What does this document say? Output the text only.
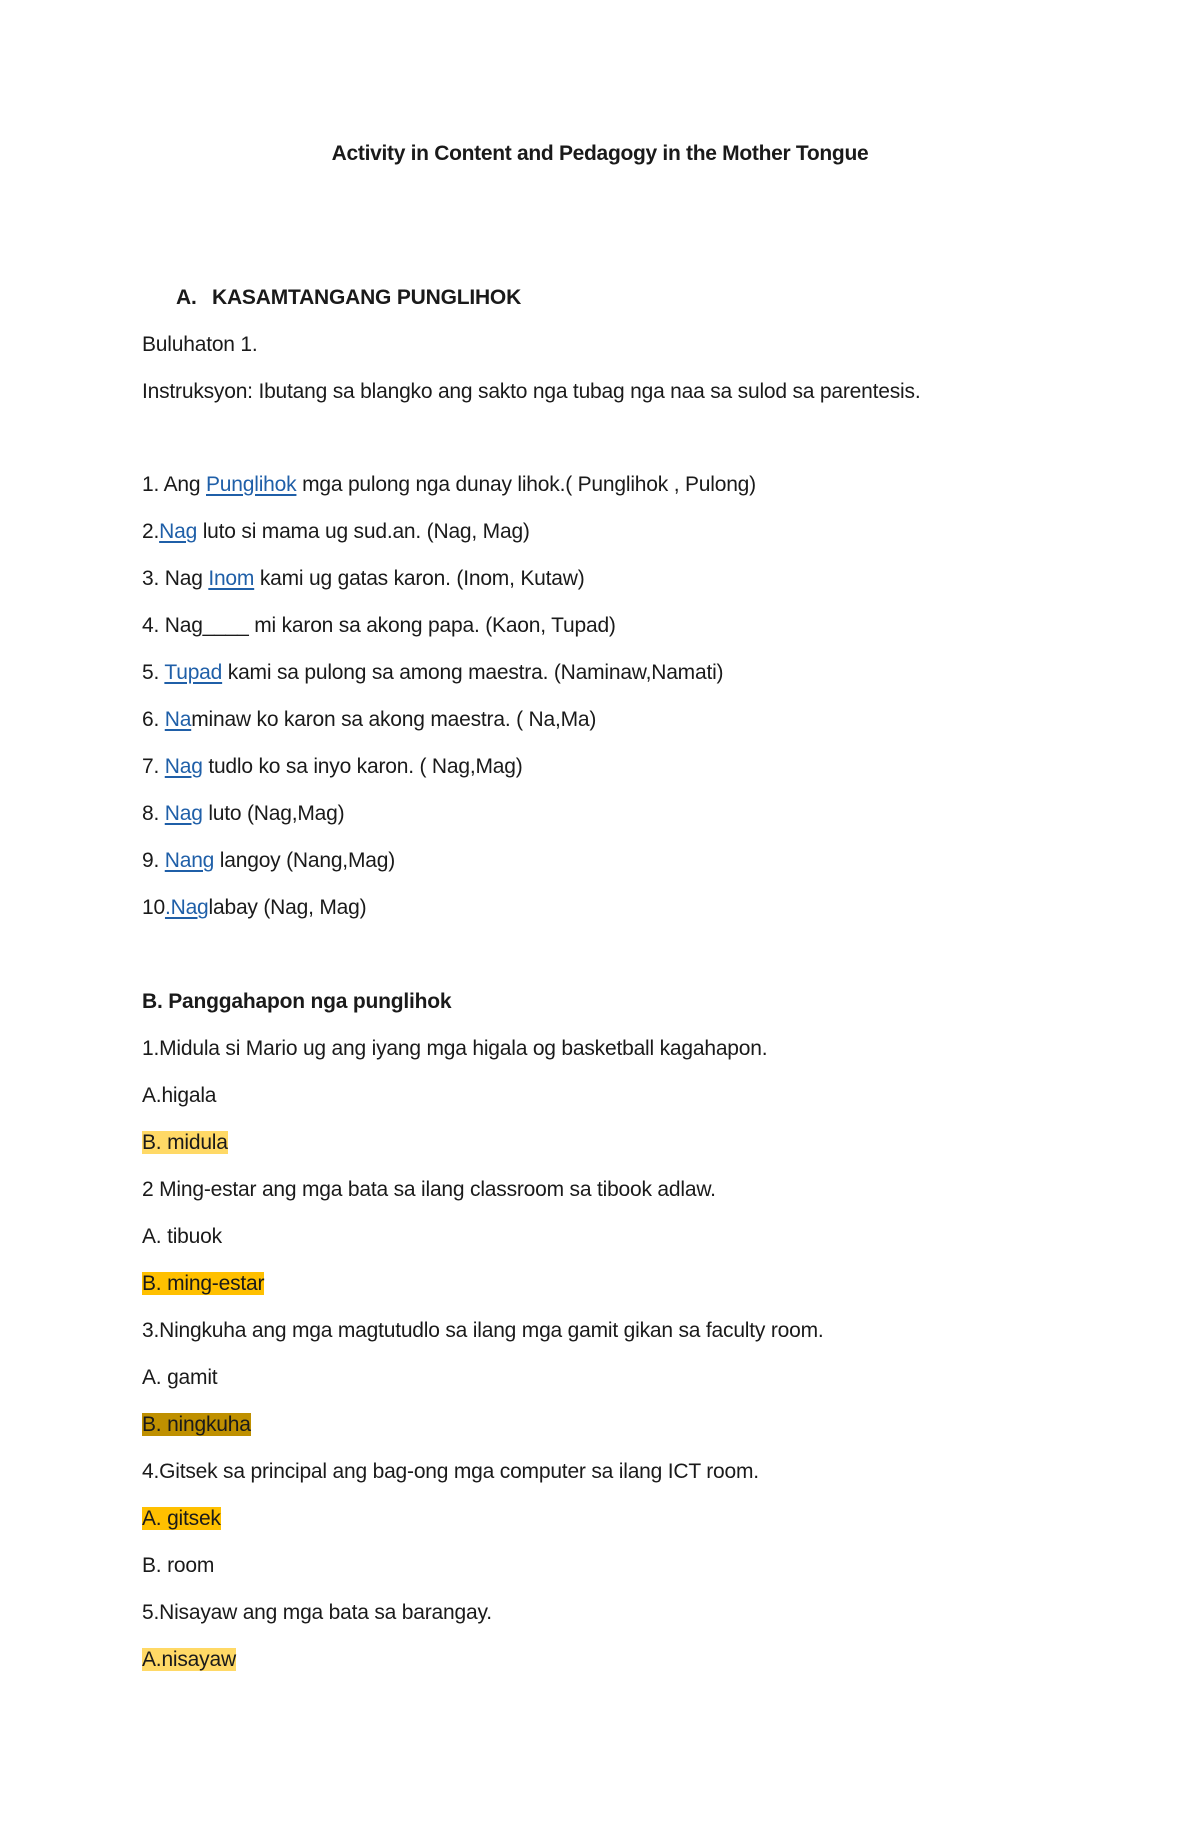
Activity in Content and Pedagogy in the Mother Tongue
A. KASAMTANGANG PUNGLIHOK
Buluhaton 1.
Instruksyon: Ibutang sa blangko ang sakto nga tubag nga naa sa sulod sa parentesis.
1. Ang Punglihok mga pulong nga dunay lihok.( Punglihok , Pulong)
2.Nag luto si mama ug sud.an. (Nag, Mag)
3. Nag Inom kami ug gatas karon. (Inom, Kutaw)
4. Nag____ mi karon sa akong papa. (Kaon, Tupad)
5. Tupad kami sa pulong sa among maestra. (Naminaw,Namati)
6. Naminaw ko karon sa akong maestra. ( Na,Ma)
7. Nag tudlo ko sa inyo karon. ( Nag,Mag)
8. Nag luto (Nag,Mag)
9. Nang langoy (Nang,Mag)
10.Naglabay (Nag, Mag)
B. Panggahapon nga punglihok
1.Midula si Mario ug ang iyang mga higala og basketball kagahapon.
A.higala
B. midula
2 Ming-estar ang mga bata sa ilang classroom sa tibook adlaw.
A. tibuok
B. ming-estar
3.Ningkuha ang mga magtutudlo sa ilang mga gamit gikan sa faculty room.
A. gamit
B. ningkuha
4.Gitsek sa principal ang bag-ong mga computer sa ilang ICT room.
A. gitsek
B. room
5.Nisayaw ang mga bata sa barangay.
A.nisayaw
